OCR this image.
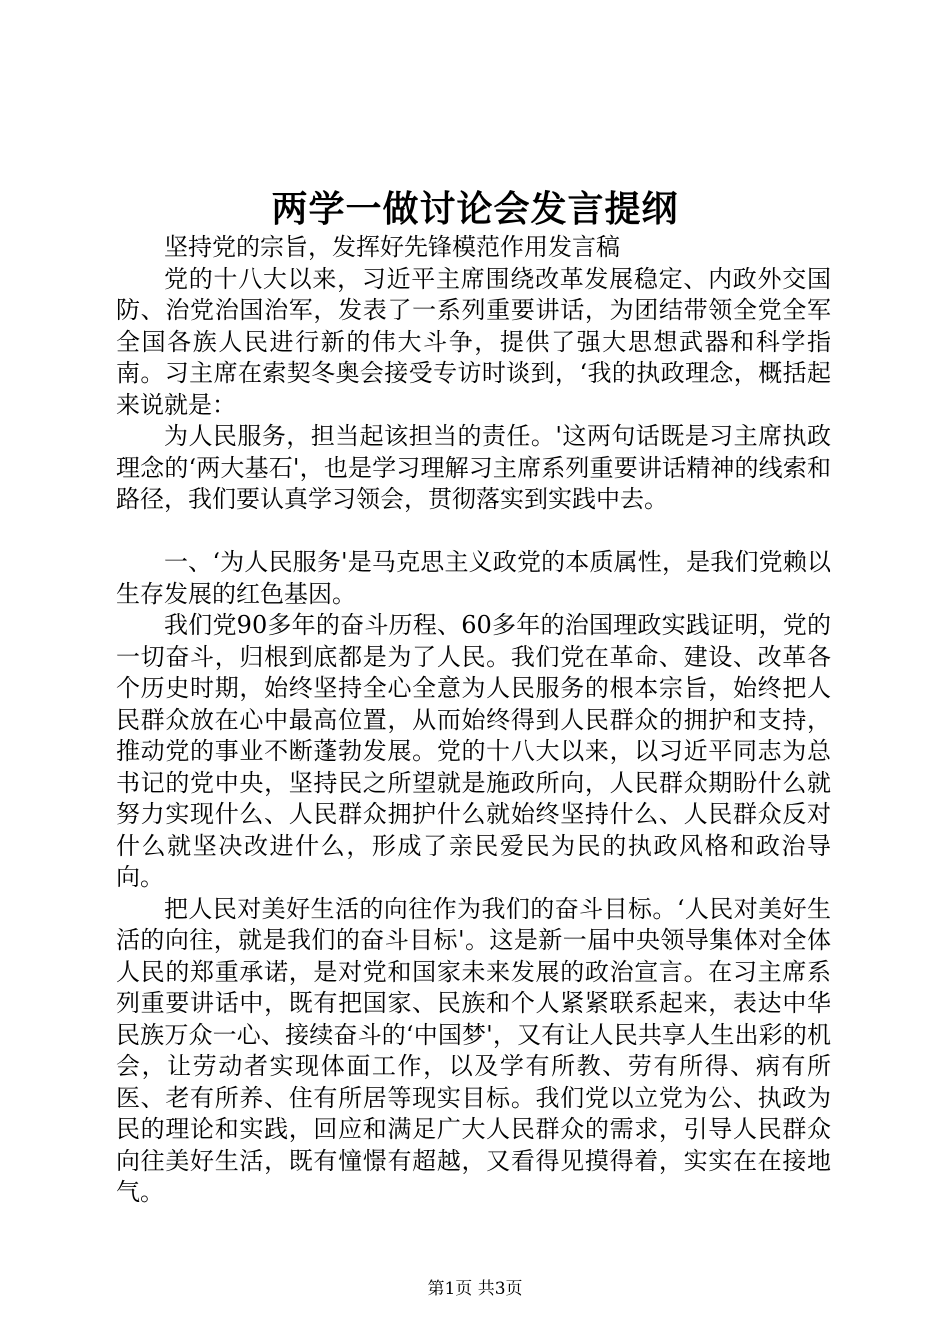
两学一做讨论会发言提纲

坚持党的宗旨，发挥好先锋模范作用发言稿

党的十八大以来，习近平主席围绕改革发展稳定、内政外交国防、治党治国治军，发表了一系列重要讲话，为团结带领全党全军全国各族人民进行新的伟大斗争，提供了强大思想武器和科学指南。习主席在索契冬奥会接受专访时谈到，‘我的执政理念，概括起来说就是：

为人民服务，担当起该担当的责任。'这两句话既是习主席执政理念的‘两大基石'，也是学习理解习主席系列重要讲话精神的线索和路径，我们要认真学习领会，贯彻落实到实践中去。

一、‘为人民服务'是马克思主义政党的本质属性，是我们党赖以生存发展的红色基因。

我们党90多年的奋斗历程、60多年的治国理政实践证明，党的一切奋斗，归根到底都是为了人民。我们党在革命、建设、改革各个历史时期，始终坚持全心全意为人民服务的根本宗旨，始终把人民群众放在心中最高位置，从而始终得到人民群众的拥护和支持，推动党的事业不断蓬勃发展。党的十八大以来，以习近平同志为总书记的党中央，坚持民之所望就是施政所向，人民群众期盼什么就努力实现什么、人民群众拥护什么就始终坚持什么、人民群众反对什么就坚决改进什么，形成了亲民爱民为民的执政风格和政治导向。

把人民对美好生活的向往作为我们的奋斗目标。‘人民对美好生活的向往，就是我们的奋斗目标'。这是新一届中央领导集体对全体人民的郑重承诺，是对党和国家未来发展的政治宣言。在习主席系列重要讲话中，既有把国家、民族和个人紧紧联系起来，表达中华民族万众一心、接续奋斗的‘中国梦'，又有让人民共享人生出彩的机会，让劳动者实现体面工作，以及学有所教、劳有所得、病有所医、老有所养、住有所居等现实目标。我们党以立党为公、执政为民的理论和实践，回应和满足广大人民群众的需求，引导人民群众向往美好生活，既有憧憬有超越，又看得见摸得着，实实在在接地气。

第1页 共3页
